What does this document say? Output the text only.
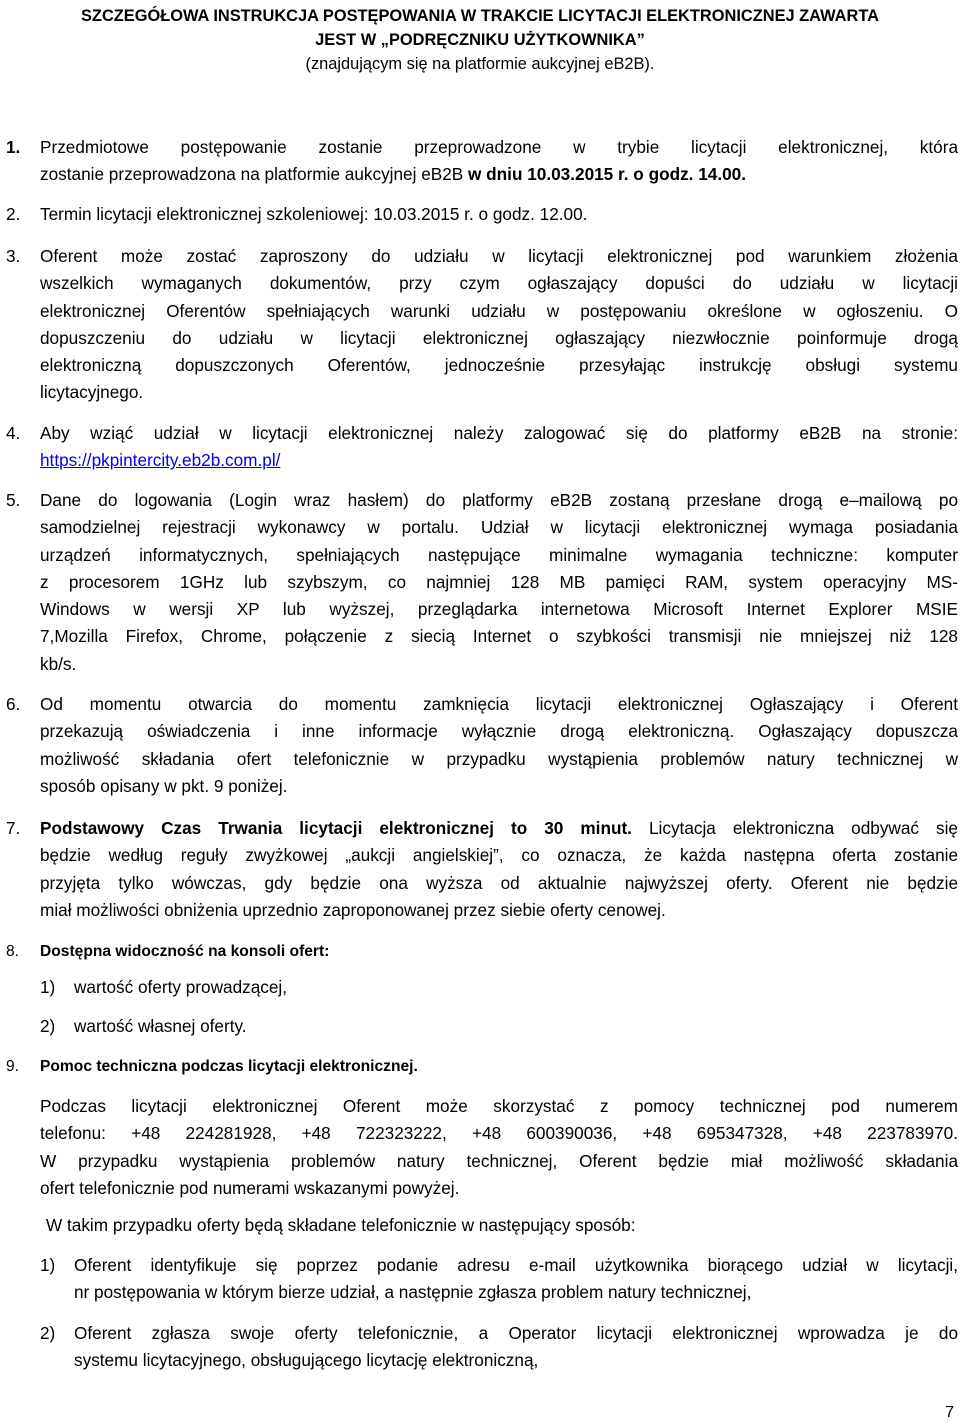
SZCZEGÓŁOWA INSTRUKCJA POSTĘPOWANIA W TRAKCIE LICYTACJI ELEKTRONICZNEJ ZAWARTA
JEST W „PODRĘCZNIKU UŻYTKOWNIKA”
(znajdującym się na platformie aukcyjnej eB2B).
1.	Przedmiotowe postępowanie zostanie przeprowadzone w trybie licytacji elektronicznej, która
zostanie przeprowadzona na platformie aukcyjnej eB2B w dniu 10.03.2015 r. o godz. 14.00.
2.	Termin licytacji elektronicznej szkoleniowej: 10.03.2015 r. o godz. 12.00.
3.	Oferent może zostać zaproszony do udziału w licytacji elektronicznej pod warunkiem złożenia
wszelkich wymaganych dokumentów, przy czym ogłaszający dopuści do udziału w licytacji
elektronicznej Oferentów spełniających warunki udziału w postępowaniu określone w ogłoszeniu. O
dopuszczeniu do udziału w licytacji elektronicznej ogłaszający niezwłocznie poinformuje drogą
elektroniczną dopuszczonych Oferentów, jednocześnie przesyłając instrukcję obsługi systemu
licytacyjnego.
4.	Aby wziąć udział w licytacji elektronicznej należy zalogować się do platformy eB2B na stronie:
https://pkpintercity.eb2b.com.pl/
5.	Dane do logowania (Login wraz hasłem) do platformy eB2B zostaną przesłane drogą e–mailową po
samodzielnej rejestracji wykonawcy w portalu. Udział w licytacji elektronicznej wymaga posiadania
urządzeń informatycznych, spełniających następujące minimalne wymagania techniczne: komputer
z procesorem 1GHz lub szybszym, co najmniej 128 MB pamięci RAM, system operacyjny MS-
Windows w wersji XP lub wyższej, przeglądarka internetowa Microsoft Internet Explorer MSIE
7,Mozilla Firefox, Chrome, połączenie z siecią Internet o szybkości transmisji nie mniejszej niż 128
kb/s.
6.	Od momentu otwarcia do momentu zamknięcia licytacji elektronicznej Ogłaszający i Oferent
przekazują oświadczenia i inne informacje wyłącznie drogą elektroniczną. Ogłaszający dopuszcza
możliwość składania ofert telefonicznie w przypadku wystąpienia problemów natury technicznej w
sposób opisany w pkt. 9 poniżej.
7.	Podstawowy Czas Trwania licytacji elektronicznej to 30 minut. Licytacja elektroniczna odbywać się
będzie według reguły zwyżkowej „aukcji angielskiej”, co oznacza, że każda następna oferta zostanie
przyjęta tylko wówczas, gdy będzie ona wyższa od aktualnie najwyższej oferty. Oferent nie będzie
miał możliwości obniżenia uprzednio zaproponowanej przez siebie oferty cenowej.
8.	Dostępna widoczność na konsoli ofert:
1)	wartość oferty prowadzącej,
2)	wartość własnej oferty.
9.	Pomoc techniczna podczas licytacji elektronicznej.
Podczas licytacji elektronicznej Oferent może skorzystać z pomocy technicznej pod numerem
telefonu: +48 224281928, +48 722323222, +48 600390036, +48 695347328, +48 223783970.
W przypadku wystąpienia problemów natury technicznej, Oferent będzie miał możliwość składania
ofert telefonicznie pod numerami wskazanymi powyżej.
W takim przypadku oferty będą składane telefonicznie w następujący sposób:
1)	Oferent identyfikuje się poprzez podanie adresu e-mail użytkownika biorącego udział w licytacji,
nr postępowania w którym bierze udział, a następnie zgłasza problem natury technicznej,
2)	Oferent zgłasza swoje oferty telefonicznie, a Operator licytacji elektronicznej wprowadza je do
systemu licytacyjnego, obsługującego licytację elektroniczną,
7
